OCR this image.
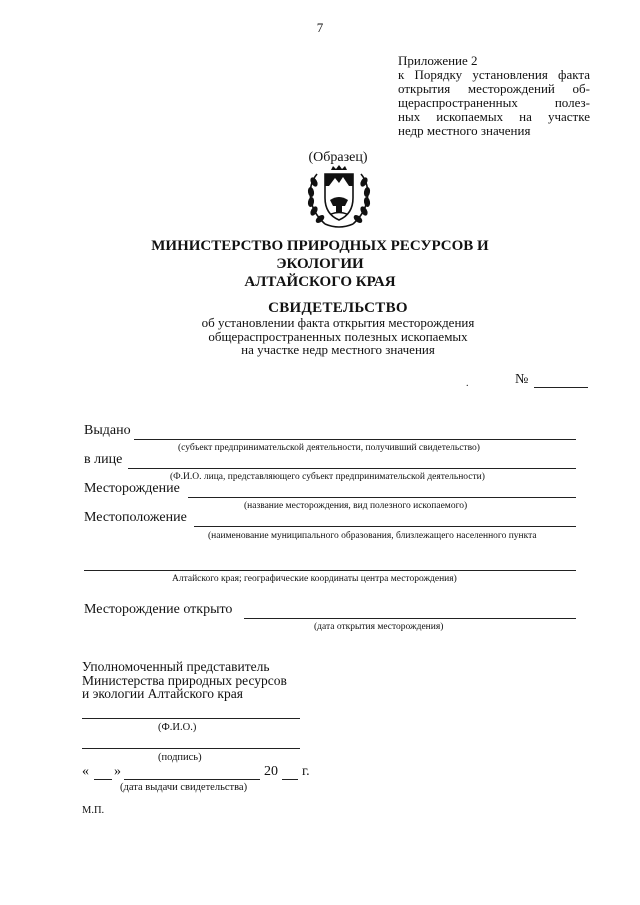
7
Приложение 2
к Порядку установления факта
открытия месторождений об-
щераспространенных полез-
ных ископаемых на участке
недр местного значения
(Образец)
МИНИСТЕРСТВО ПРИРОДНЫХ РЕСУРСОВ И ЭКОЛОГИИ
АЛТАЙСКОГО КРАЯ
СВИДЕТЕЛЬСТВО
об установлении факта открытия месторождения
общераспространенных полезных ископаемых
на участке недр местного значения
.	№
Выдано
(субъект предпринимательской деятельности, получивший свидетельство)
в лице
(Ф.И.О. лица, представляющего субъект предпринимательской деятельности)
Месторождение
(название месторождения, вид полезного ископаемого)
Местоположение
(наименование муниципального образования, близлежащего населенного пункта
Алтайского края; географические координаты центра месторождения)
Месторождение открыто
(дата открытия месторождения)
Уполномоченный представитель
Министерства природных ресурсов
и экологии Алтайского края
(Ф.И.О.)
(подпись)
« »	20 г.
(дата выдачи свидетельства)
М.П.
